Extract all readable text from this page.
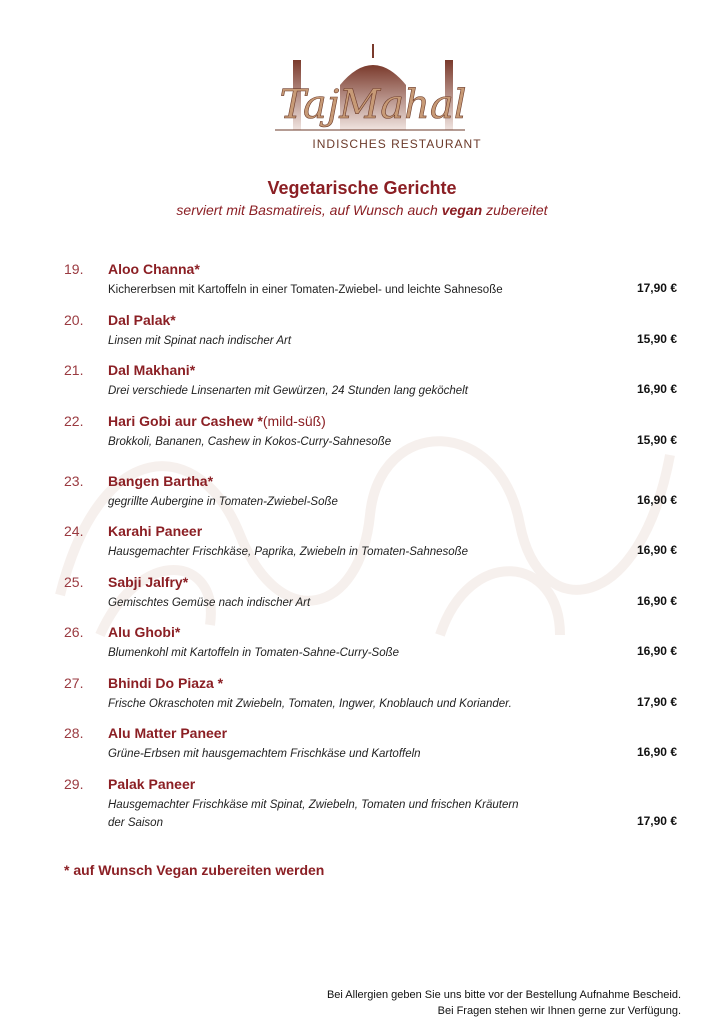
TajMahal
INDISCHES RESTAURANT
Vegetarische Gerichte
serviert mit Basmatireis, auf Wunsch auch vegan zubereitet
19. Aloo Channa*
Kichererbsen mit Kartoffeln in einer Tomaten-Zwiebel- und leichte Sahnesoße	17,90 €
20. Dal Palak*
Linsen mit Spinat nach indischer Art	15,90 €
21. Dal Makhani*
Drei verschiede Linsenarten mit Gewürzen, 24 Stunden lang geköchelt	16,90 €
22. Hari Gobi aur Cashew *(mild-süß)
Brokkoli, Bananen, Cashew in Kokos-Curry-Sahnesoße	15,90 €
23. Bangen Bartha*
gegrillte Aubergine in Tomaten-Zwiebel-Soße	16,90 €
24. Karahi Paneer
Hausgemachter Frischkäse, Paprika, Zwiebeln in Tomaten-Sahnesoße	16,90 €
25. Sabji Jalfry*
Gemischtes Gemüse nach indischer Art	16,90 €
26. Alu Ghobi*
Blumenkohl mit Kartoffeln in Tomaten-Sahne-Curry-Soße	16,90 €
27. Bhindi Do Piaza *
Frische Okraschoten mit Zwiebeln, Tomaten, Ingwer, Knoblauch und Koriander.	17,90 €
28. Alu Matter Paneer
Grüne-Erbsen mit hausgemachtem Frischkäse und Kartoffeln	16,90 €
29. Palak Paneer
Hausgemachter Frischkäse mit Spinat, Zwiebeln, Tomaten und frischen Kräutern der Saison	17,90 €
* auf Wunsch Vegan zubereiten werden
Bei Allergien geben Sie uns bitte vor der Bestellung Aufnahme Bescheid.
Bei Fragen stehen wir Ihnen gerne zur Verfügung.
